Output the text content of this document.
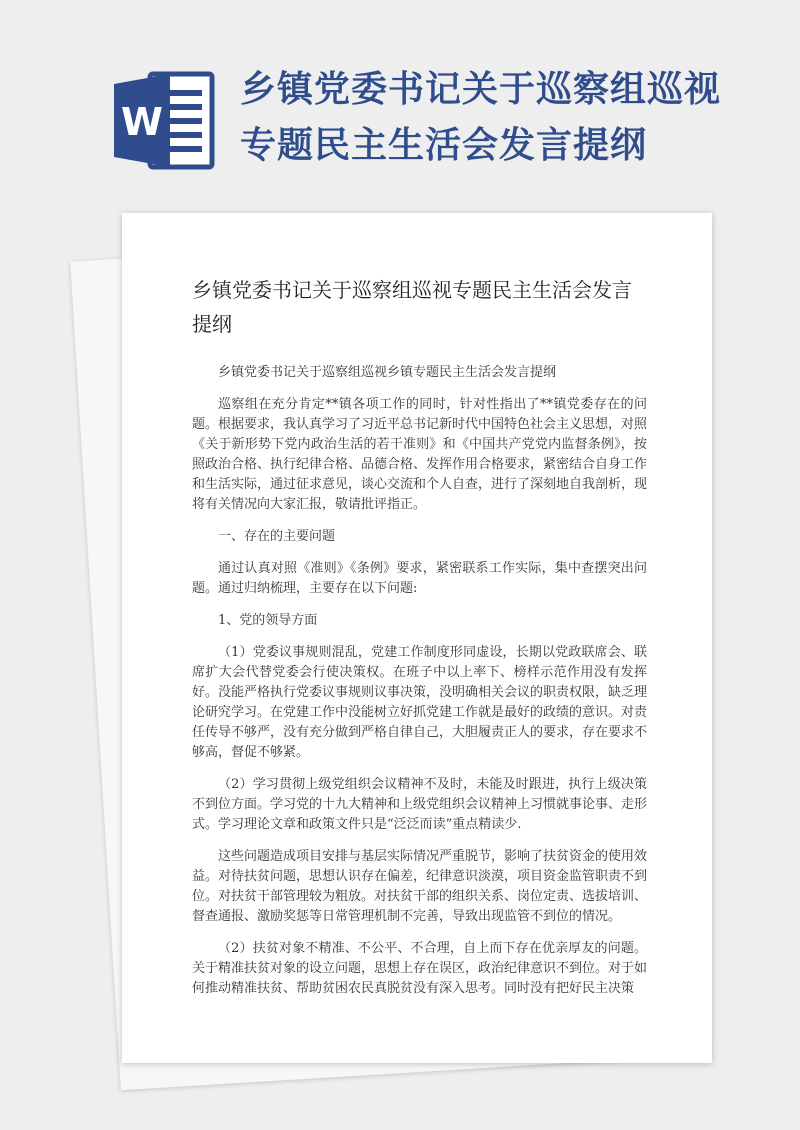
W
乡镇党委书记关于巡察组巡视
专题民主生活会发言提纲
乡镇党委书记关于巡察组巡视专题民主生活会发言提纲

乡镇党委书记关于巡察组巡视乡镇专题民主生活会发言提纲

巡察组在充分肯定**镇各项工作的同时，针对性指出了**镇党委存在的问题。根据要求，我认真学习了习近平总书记新时代中国特色社会主义思想，对照《关于新形势下党内政治生活的若干准则》和《中国共产党党内监督条例》，按照政治合格、执行纪律合格、品德合格、发挥作用合格要求，紧密结合自身工作和生活实际，通过征求意见，谈心交流和个人自查，进行了深刻地自我剖析，现将有关情况向大家汇报，敬请批评指正。

一、存在的主要问题

通过认真对照《准则》《条例》要求，紧密联系工作实际，集中查摆突出问题。通过归纳梳理，主要存在以下问题:

1、党的领导方面

（1）党委议事规则混乱，党建工作制度形同虚设，长期以党政联席会、联席扩大会代替党委会行使决策权。在班子中以上率下、榜样示范作用没有发挥好。没能严格执行党委议事规则议事决策，没明确相关会议的职责权限，缺乏理论研究学习。在党建工作中没能树立好抓党建工作就是最好的政绩的意识。对责任传导不够严，没有充分做到严格自律自己，大胆履责正人的要求，存在要求不够高，督促不够紧。

（2）学习贯彻上级党组织会议精神不及时，未能及时跟进，执行上级决策不到位方面。学习党的十九大精神和上级党组织会议精神上习惯就事论事、走形式。学习理论文章和政策文件只是“泛泛而读”重点精读少.

这些问题造成项目安排与基层实际情况严重脱节，影响了扶贫资金的使用效益。对待扶贫问题，思想认识存在偏差，纪律意识淡漠，项目资金监管职责不到位。对扶贫干部管理较为粗放。对扶贫干部的组织关系、岗位定责、选拔培训、督查通报、激励奖惩等日常管理机制不完善，导致出现监管不到位的情况。

（2）扶贫对象不精准、不公平、不合理，自上而下存在优亲厚友的问题。关于精准扶贫对象的设立问题，思想上存在误区，政治纪律意识不到位。对于如何推动精准扶贫、帮助贫困农民真脱贫没有深入思考。同时没有把好民主决策
